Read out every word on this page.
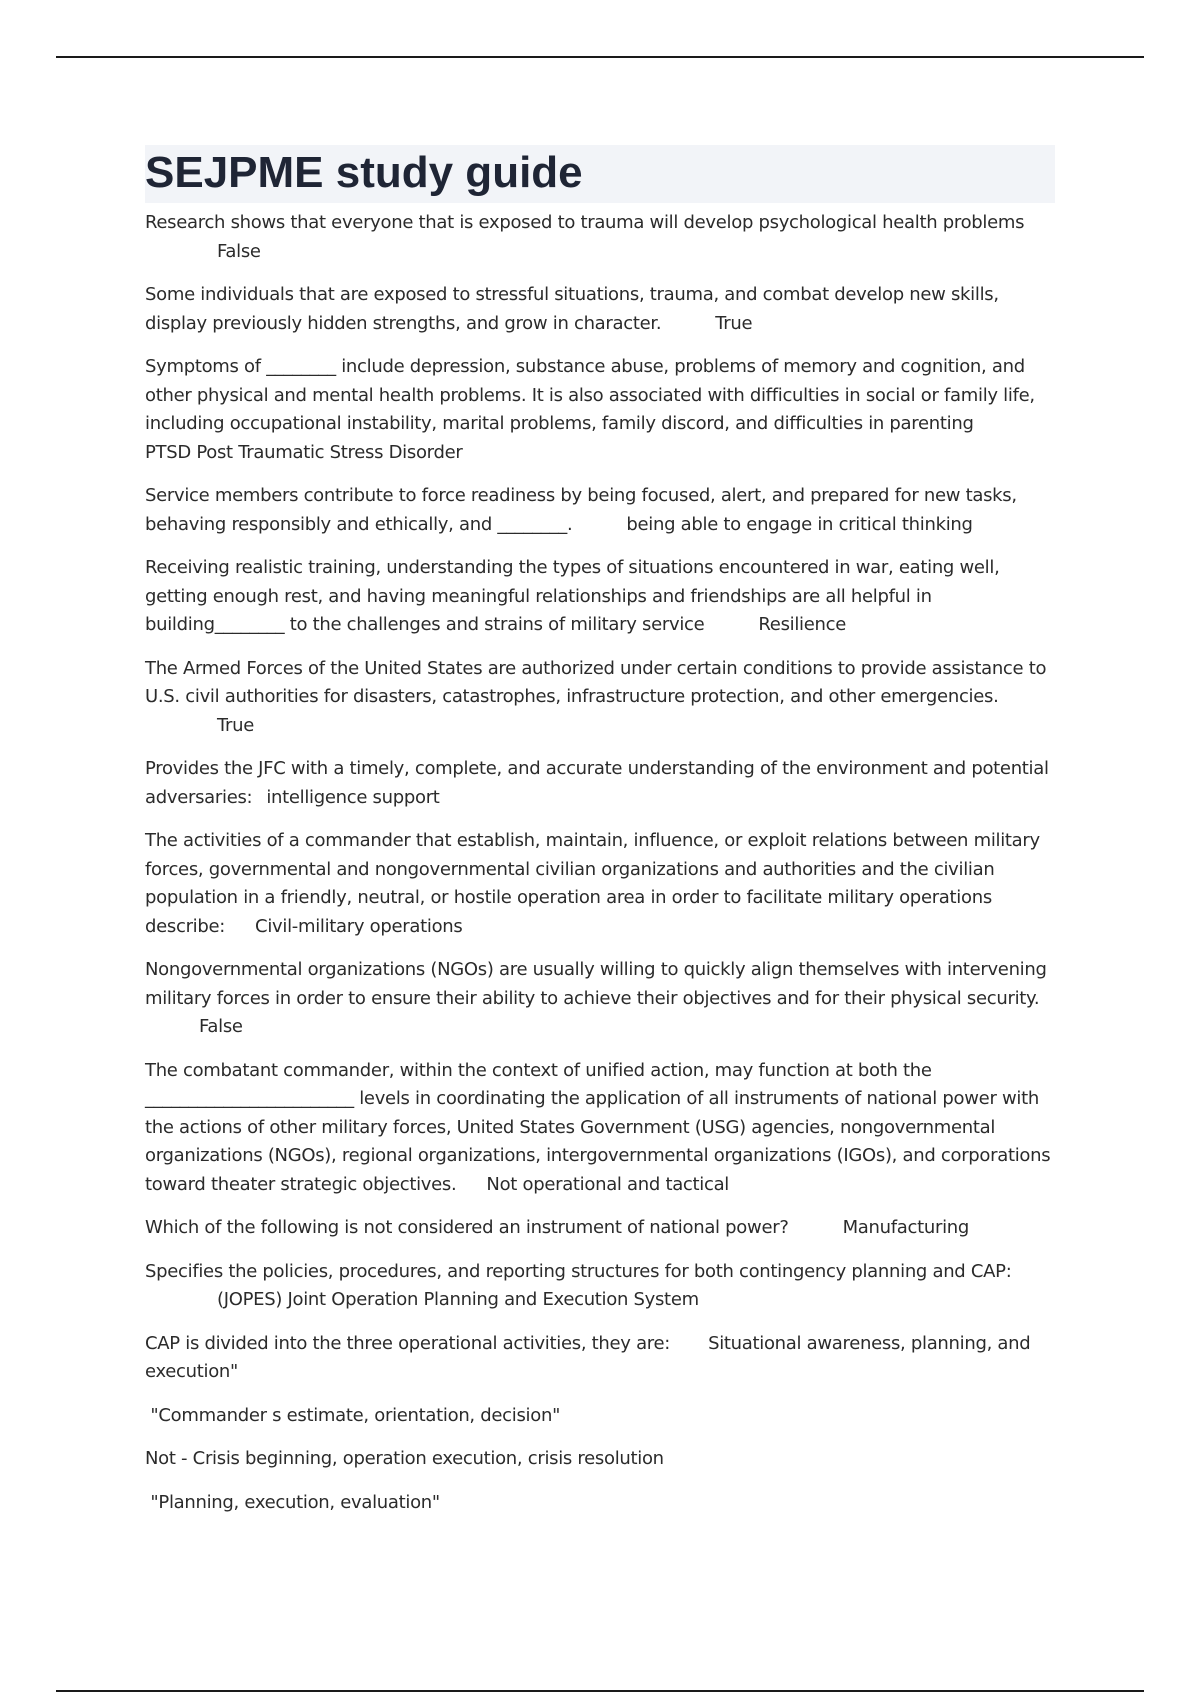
SEJPME study guide

Research shows that everyone that is exposed to trauma will develop psychological health problems
False

Some individuals that are exposed to stressful situations, trauma, and combat develop new skills, display previously hidden strengths, and grow in character.	True

Symptoms of ________ include depression, substance abuse, problems of memory and cognition, and other physical and mental health problems. It is also associated with difficulties in social or family life, including occupational instability, marital problems, family discord, and difficulties in parentingPTSD Post Traumatic Stress Disorder

Service members contribute to force readiness by being focused, alert, and prepared for new tasks, behaving responsibly and ethically, and ________.	being able to engage in critical thinking

Receiving realistic training, understanding the types of situations encountered in war, eating well, getting enough rest, and having meaningful relationships and friendships are all helpful in building________ to the challenges and strains of military service	Resilience

The Armed Forces of the United States are authorized under certain conditions to provide assistance to U.S. civil authorities for disasters, catastrophes, infrastructure protection, and other emergencies.
True

Provides the JFC with a timely, complete, and accurate understanding of the environment and potential adversaries: intelligence support

The activities of a commander that establish, maintain, influence, or exploit relations between military forces, governmental and nongovernmental civilian organizations and authorities and the civilian population in a friendly, neutral, or hostile operation area in order to facilitate military operations describe: Civil-military operations

Nongovernmental organizations (NGOs) are usually willing to quickly align themselves with intervening military forces in order to ensure their ability to achieve their objectives and for their physical security.False

The combatant commander, within the context of unified action, may function at both the ________________________ levels in coordinating the application of all instruments of national power with the actions of other military forces, United States Government (USG) agencies, nongovernmental organizations (NGOs), regional organizations, intergovernmental organizations (IGOs), and corporations toward theater strategic objectives. Not operational and tactical

Which of the following is not considered an instrument of national power?	Manufacturing

Specifies the policies, procedures, and reporting structures for both contingency planning and CAP:
(JOPES) Joint Operation Planning and Execution System

CAP is divided into the three operational activities, they are: Situational awareness, planning, and execution"

"Commander s estimate, orientation, decision"

Not - Crisis beginning, operation execution, crisis resolution

"Planning, execution, evaluation"
